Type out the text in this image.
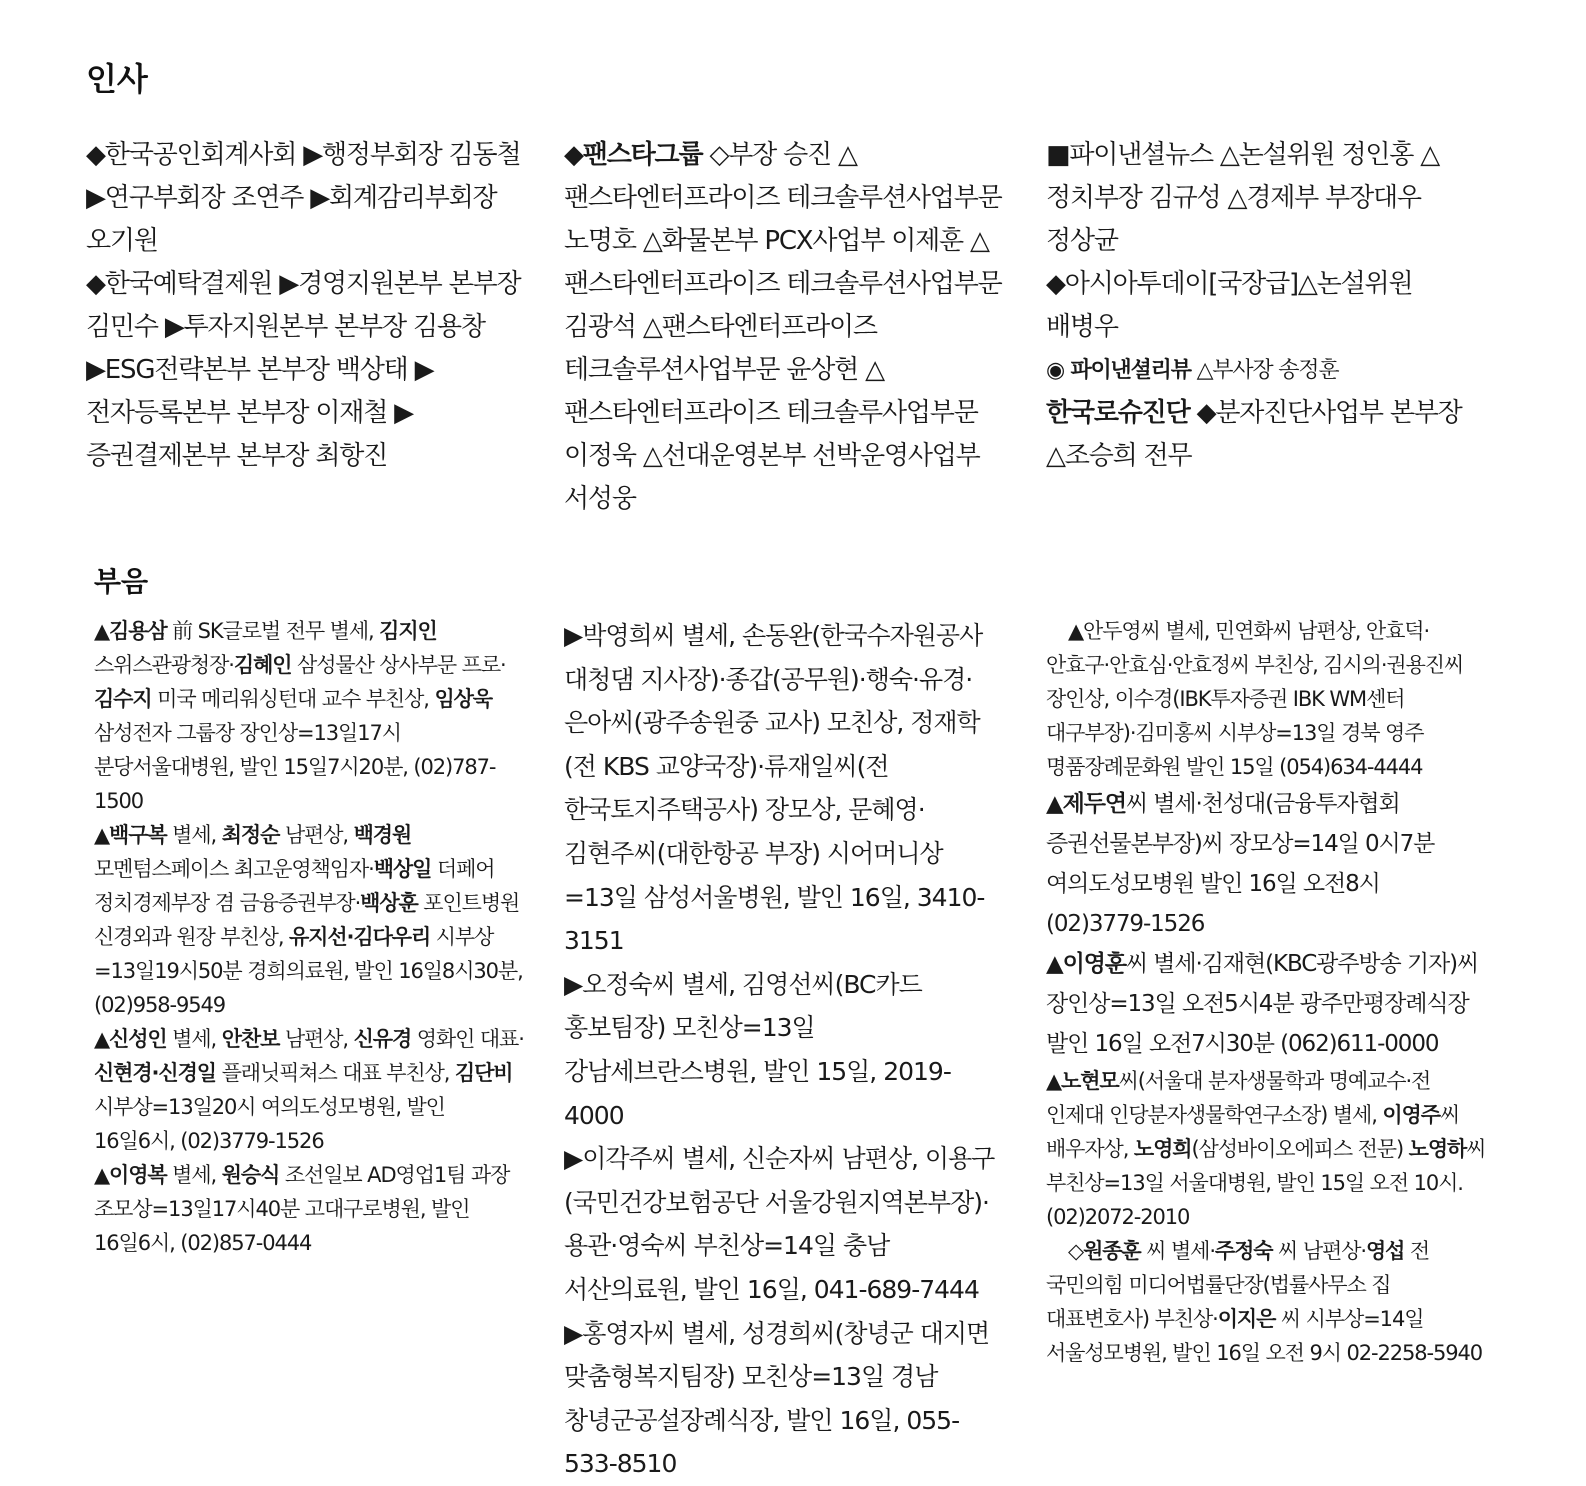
인사

◆한국공인회계사회 ▶행정부회장 김동철 ▶연구부회장 조연주 ▶회계감리부회장 오기원

◆한국예탁결제원 ▶경영지원본부 본부장 김민수 ▶투자지원본부 본부장 김용창 ▶ESG전략본부 본부장 백상태 ▶전자등록본부 본부장 이재철 ▶증권결제본부 본부장 최항진

◆팬스타그룹 ◇부장 승진 △팬스타엔터프라이즈 테크솔루션사업부문 노명호 △화물본부 PCX사업부 이제훈 △팬스타엔터프라이즈 테크솔루션사업부문 김광석 △팬스타엔터프라이즈 테크솔루션사업부문 윤상현 △팬스타엔터프라이즈 테크솔루사업부문 이정욱 △선대운영본부 선박운영사업부 서성웅

■파이낸셜뉴스 △논설위원 정인홍 △정치부장 김규성 △경제부 부장대우 정상균

◆아시아투데이[국장급]△논설위원 배병우

◉ 파이낸셜리뷰 △부사장 송정훈

한국로슈진단 ◆분자진단사업부 본부장 △조승희 전무

부음

▲김용삼 前 SK글로벌 전무 별세, 김지인 스위스관광청장·김혜인 삼성물산 상사부문 프로·김수지 미국 메리워싱턴대 교수 부친상, 임상욱 삼성전자 그룹장 장인상=13일17시 분당서울대병원, 발인 15일7시20분, (02)787-1500

▲백구복 별세, 최정순 남편상, 백경원 모멘텀스페이스 최고운영책임자·백상일 더페어 정치경제부장 겸 금융증권부장·백상훈 포인트병원 신경외과 원장 부친상, 유지선·김다우리 시부상=13일19시50분 경희의료원, 발인 16일8시30분, (02)958-9549

▲신성인 별세, 안찬보 남편상, 신유경 영화인 대표·신현경·신경일 플래닛픽쳐스 대표 부친상, 김단비 시부상=13일20시 여의도성모병원, 발인 16일6시, (02)3779-1526

▲이영복 별세, 원승식 조선일보 AD영업1팀 과장 조모상=13일17시40분 고대구로병원, 발인 16일6시, (02)857-0444

▶박영희씨 별세, 손동완(한국수자원공사 대청댐 지사장)·종갑(공무원)·행숙·유경·은아씨(광주송원중 교사) 모친상, 정재학(전 KBS 교양국장)·류재일씨(전 한국토지주택공사) 장모상, 문혜영·김현주씨(대한항공 부장) 시어머니상=13일 삼성서울병원, 발인 16일, 3410-3151

▶오정숙씨 별세, 김영선씨(BC카드 홍보팀장) 모친상=13일 강남세브란스병원, 발인 15일, 2019-4000

▶이각주씨 별세, 신순자씨 남편상, 이용구(국민건강보험공단 서울강원지역본부장)·용관·영숙씨 부친상=14일 충남 서산의료원, 발인 16일, 041-689-7444

▶홍영자씨 별세, 성경희씨(창녕군 대지면 맞춤형복지팀장) 모친상=13일 경남 창녕군공설장례식장, 발인 16일, 055-533-8510

▲안두영씨 별세, 민연화씨 남편상, 안효덕·안효구·안효심·안효정씨 부친상, 김시의·권용진씨 장인상, 이수경(IBK투자증권 IBK WM센터 대구부장)·김미홍씨 시부상=13일 경북 영주 명품장례문화원 발인 15일 (054)634-4444

▲제두연씨 별세·천성대(금융투자협회 증권선물본부장)씨 장모상=14일 0시7분 여의도성모병원 발인 16일 오전8시 (02)3779-1526

▲이영훈씨 별세·김재현(KBC광주방송 기자)씨 장인상=13일 오전5시4분 광주만평장례식장 발인 16일 오전7시30분 (062)611-0000

▲노현모씨(서울대 분자생물학과 명예교수·전 인제대 인당분자생물학연구소장) 별세, 이영주씨 배우자상, 노영희(삼성바이오에피스 전문) 노영하씨 부친상=13일 서울대병원, 발인 15일 오전 10시. (02)2072-2010

◇원종훈 씨 별세·주정숙 씨 남편상·영섭 전 국민의힘 미디어법률단장(법률사무소 집 대표변호사) 부친상·이지은 씨 시부상=14일 서울성모병원, 발인 16일 오전 9시 02-2258-5940
